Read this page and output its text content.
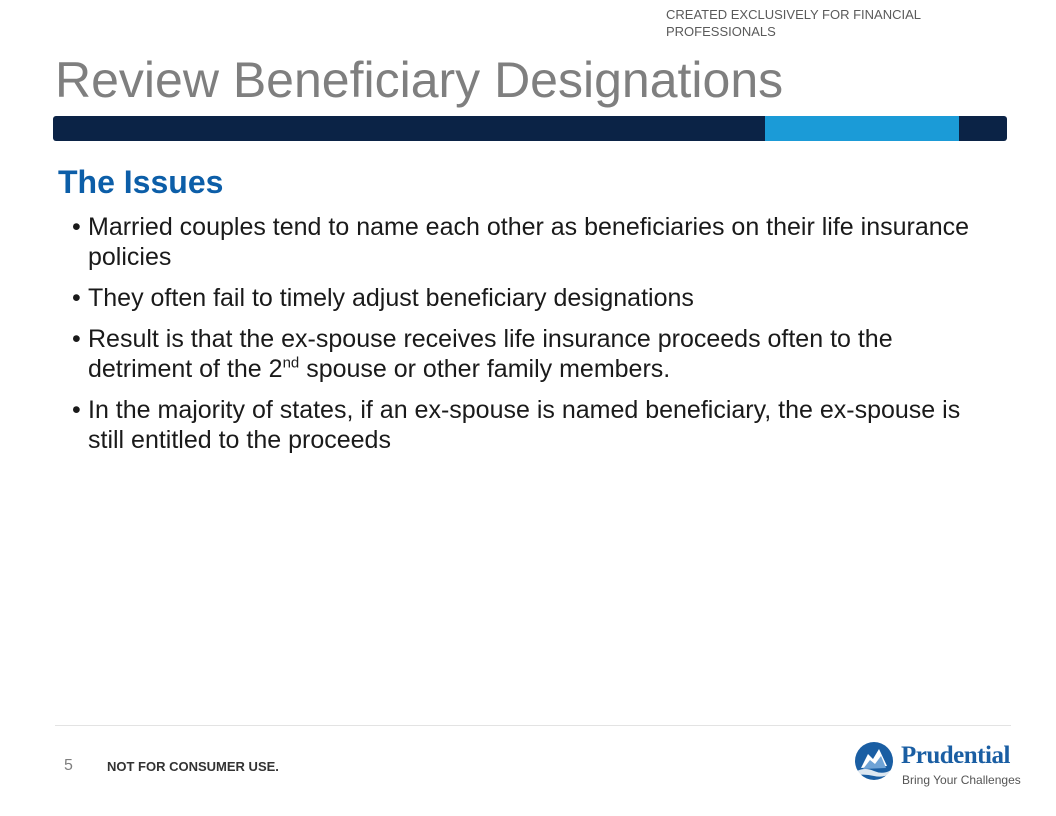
CREATED EXCLUSIVELY FOR FINANCIAL PROFESSIONALS
Review Beneficiary Designations
The Issues
• Married couples tend to name each other as beneficiaries on their life insurance policies
• They often fail to timely adjust beneficiary designations
• Result is that the ex-spouse receives life insurance proceeds often to the detriment of the 2nd spouse or other family members.
• In the majority of states, if an ex-spouse is named beneficiary, the ex-spouse is still entitled to the proceeds
5	NOT FOR CONSUMER USE.	Prudential
Bring Your Challenges
